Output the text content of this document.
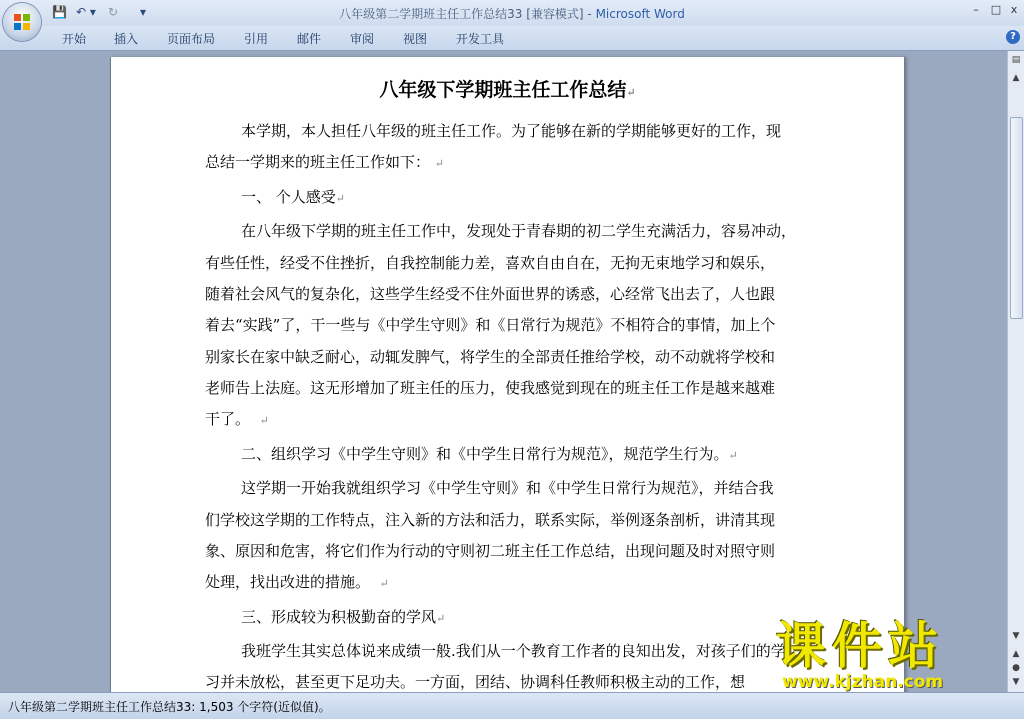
💾 ↶ ▾ ↻ ▾	八年级第二学期班主任工作总结33 [兼容模式] - Microsoft Word	–	□ x
开始 插入 页面布局 引用 邮件 审阅 视图 开发工具	?
八年级下学期班主任工作总结↵
本学期，本人担任八年级的班主任工作。为了能够在新的学期能够更好的工作，现
总结一学期来的班主任工作如下： ↵
一、 个人感受↵
在八年级下学期的班主任工作中，发现处于青春期的初二学生充满活力，容易冲动，
有些任性，经受不住挫折，自我控制能力差，喜欢自由自在，无拘无束地学习和娱乐，
随着社会风气的复杂化，这些学生经受不住外面世界的诱惑，心经常飞出去了，人也跟
着去“实践”了，干一些与《中学生守则》和《日常行为规范》不相符合的事情，加上个
别家长在家中缺乏耐心，动辄发脾气，将学生的全部责任推给学校，动不动就将学校和
老师告上法庭。这无形增加了班主任的压力，使我感觉到现在的班主任工作是越来越难
干了。 ↵
二、组织学习《中学生守则》和《中学生日常行为规范》，规范学生行为。↵
这学期一开始我就组织学习《中学生守则》和《中学生日常行为规范》，并结合我
们学校这学期的工作特点，注入新的方法和活力，联系实际，举例逐条剖析，讲清其现
象、原因和危害，将它们作为行动的守则初二班主任工作总结，出现问题及时对照守则
处理，找出改进的措施。 ↵
三、形成较为积极勤奋的学风↵
我班学生其实总体说来成绩一般.我们从一个教育工作者的良知出发，对孩子们的学
习并未放松，甚至更下足功夫。一方面，团结、协调科任教师积极主动的工作，想
▤
▲
▼
▲
●
▼
八年级第二学期班主任工作总结33: 1,503 个字符(近似值)。
课件站
www.kjzhan.com
